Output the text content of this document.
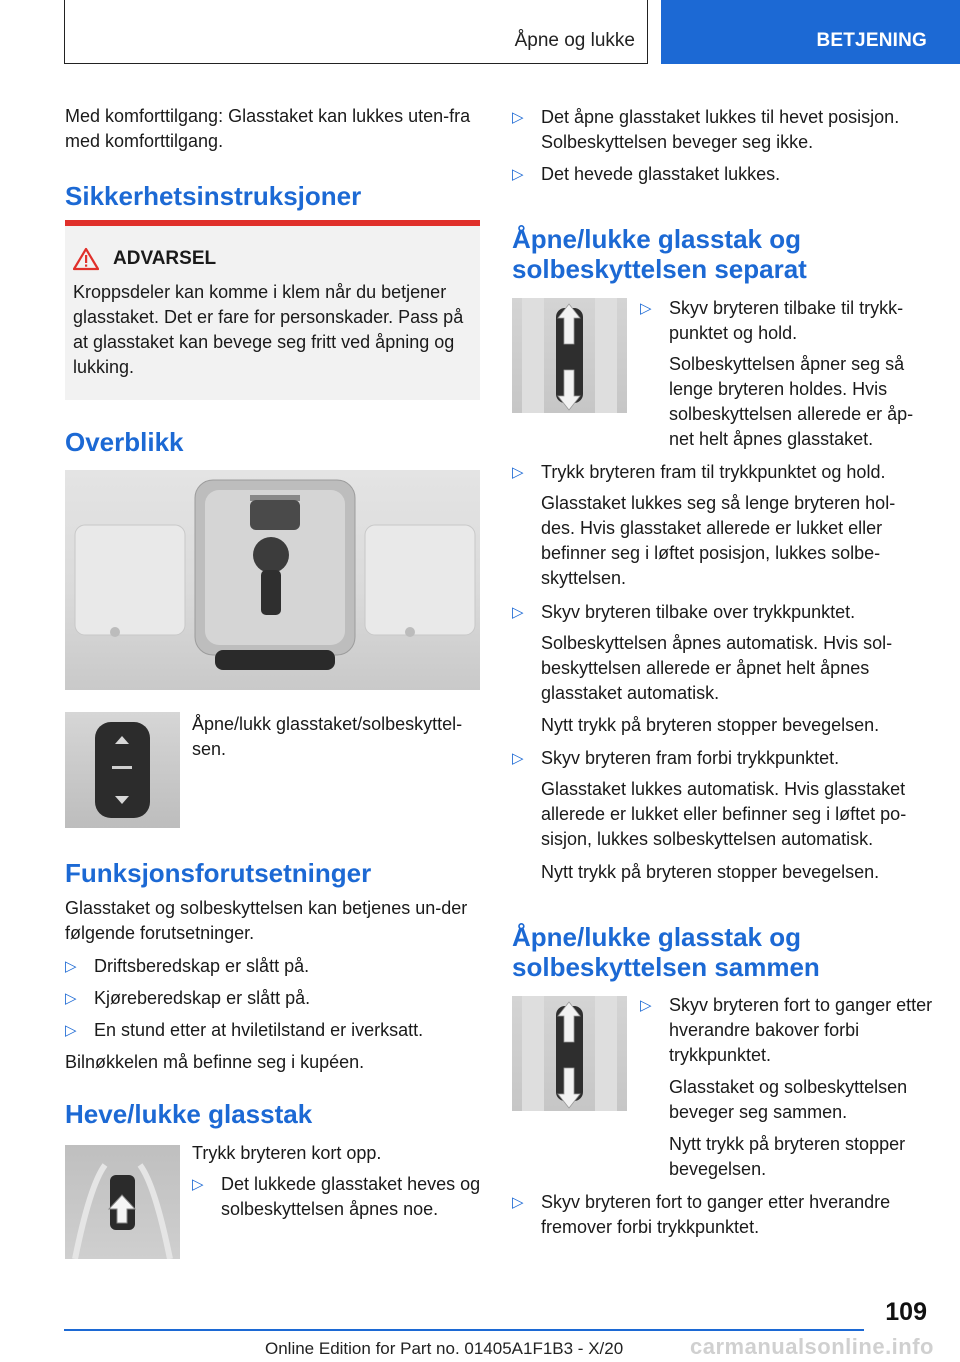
Åpne og lukke	BETJENING

Med komforttilgang: Glasstaket kan lukkes uten‐fra med komforttilgang.

Sikkerhetsinstruksjoner
ADVARSEL
Kroppsdeler kan komme i klem når du betjener glasstaket. Det er fare for personskader. Pass på at glasstaket kan bevege seg fritt ved åpning og lukking.
Overblikk

Åpne/lukk glasstaket/solbeskyttel‐sen.

Funksjonsforutsetninger

Glasstaket og solbeskyttelsen kan betjenes un‐der følgende forutsetninger.

▷ Driftsberedskap er slått på.
▷ Kjøreberedskap er slått på.
▷ En stund etter at hviletilstand er iverksatt.

Bilnøkkelen må befinne seg i kupéen.

Heve/lukke glasstak

Trykk bryteren kort opp.

▷ Det lukkede glasstaket heves og solbeskyttelsen åpnes noe.
▷ Det åpne glasstaket lukkes til hevet posisjon. Solbeskyttelsen beveger seg ikke.
▷ Det hevede glasstaket lukkes.
Åpne/lukke glasstak og
solbeskyttelsen separat
▷ Skyv bryteren tilbake til trykk‐punktet og hold.

Solbeskyttelsen åpner seg så lenge bryteren holdes. Hvis solbeskyttelsen allerede er åp‐net helt åpnes glasstaket.

▷ Trykk bryteren fram til trykkpunktet og hold.

Glasstaket lukkes seg så lenge bryteren hol‐des. Hvis glasstaket allerede er lukket eller befinner seg i løftet posisjon, lukkes solbe‐skyttelsen.

▷ Skyv bryteren tilbake over trykkpunktet.

Solbeskyttelsen åpnes automatisk. Hvis sol‐beskyttelsen allerede er åpnet helt åpnes glasstaket automatisk.

Nytt trykk på bryteren stopper bevegelsen.

▷ Skyv bryteren fram forbi trykkpunktet.

Glasstaket lukkes automatisk. Hvis glasstaket allerede er lukket eller befinner seg i løftet po‐sisjon, lukkes solbeskyttelsen automatisk.

Nytt trykk på bryteren stopper bevegelsen.

Åpne/lukke glasstak og
solbeskyttelsen sammen
▷ Skyv bryteren fort to ganger etter hverandre bakover forbi trykkpunktet.

Glasstaket og solbeskyttelsen beveger seg sammen.

Nytt trykk på bryteren stopper bevegelsen.

▷ Skyv bryteren fort to ganger etter hverandre fremover forbi trykkpunktet.
109
Online Edition for Part no. 01405A1F1B3 - X/20	carmanualsonline.info
